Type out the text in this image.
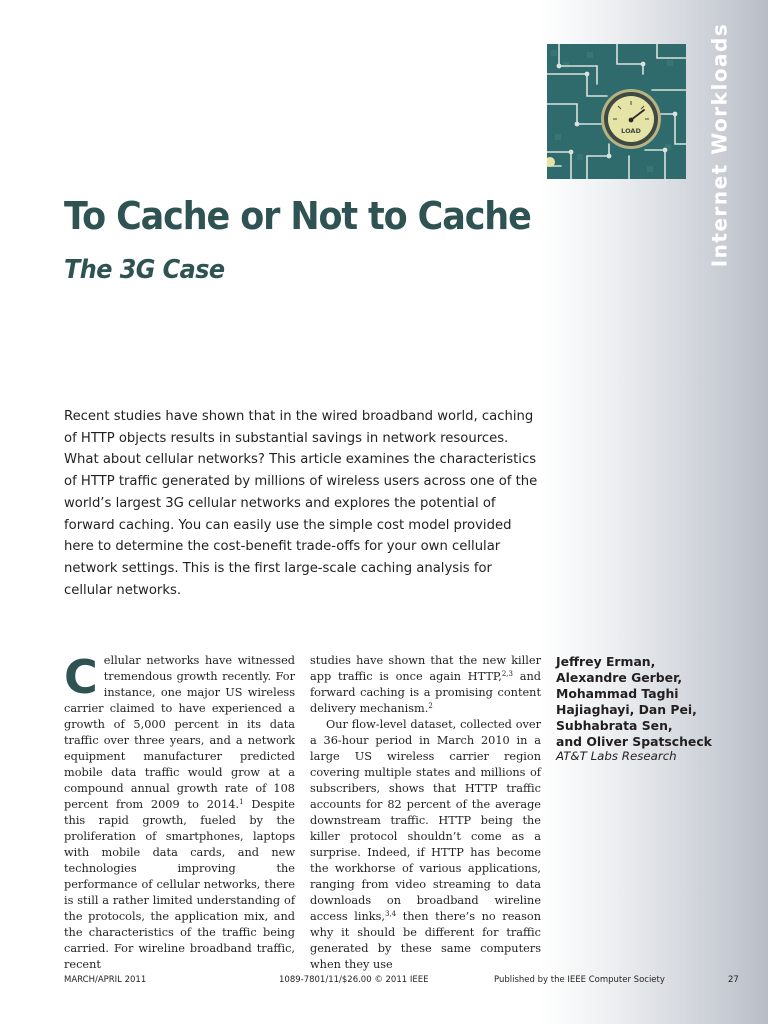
Internet Workloads
LOAD
To Cache or Not to Cache
The 3G Case

Recent studies have shown that in the wired broadband world, caching of HTTP objects results in substantial savings in network resources. What about cellular networks? This article examines the characteristics of HTTP traffic generated by millions of wireless users across one of the world’s largest 3G cellular networks and explores the potential of forward caching. You can easily use the simple cost model provided here to determine the cost-benefit trade-offs for your own cellular network settings. This is the first large-scale caching analysis for cellular networks.

Cellular networks have witnessed tremendous growth recently. For instance, one major US wireless carrier claimed to have experienced a growth of 5,000 percent in its data traffic over three years, and a network equipment manufacturer predicted mobile data traffic would grow at a compound annual growth rate of 108 percent from 2009 to 2014.$^1$ Despite this rapid growth, fueled by the proliferation of smartphones, laptops with mobile data cards, and new technologies improving the performance of cellular networks, there is still a rather limited understanding of the protocols, the application mix, and the characteristics of the traffic being carried. For wireline broadband traffic, recent

studies have shown that the new killer app traffic is once again HTTP,$^{2,3}$ and forward caching is a promising content delivery mechanism.$^2$

Our flow-level dataset, collected over a 36-hour period in March 2010 in a large US wireless carrier region covering multiple states and millions of subscribers, shows that HTTP traffic accounts for 82 percent of the average downstream traffic. HTTP being the killer protocol shouldn’t come as a surprise. Indeed, if HTTP has become the workhorse of various applications, ranging from video streaming to data downloads on broadband wireline access links,$^{3,4}$ then there’s no reason why it should be different for traffic generated by these same computers when they use

Jeffrey Erman,
Alexandre Gerber,
Mohammad Taghi
Hajiaghayi, Dan Pei,
Subhabrata Sen,
and Oliver Spatscheck

AT&T Labs Research

MARCH/APRIL 2011	1089-7801/11/$26.00 © 2011 IEEE	Published by the IEEE Computer Society	27
